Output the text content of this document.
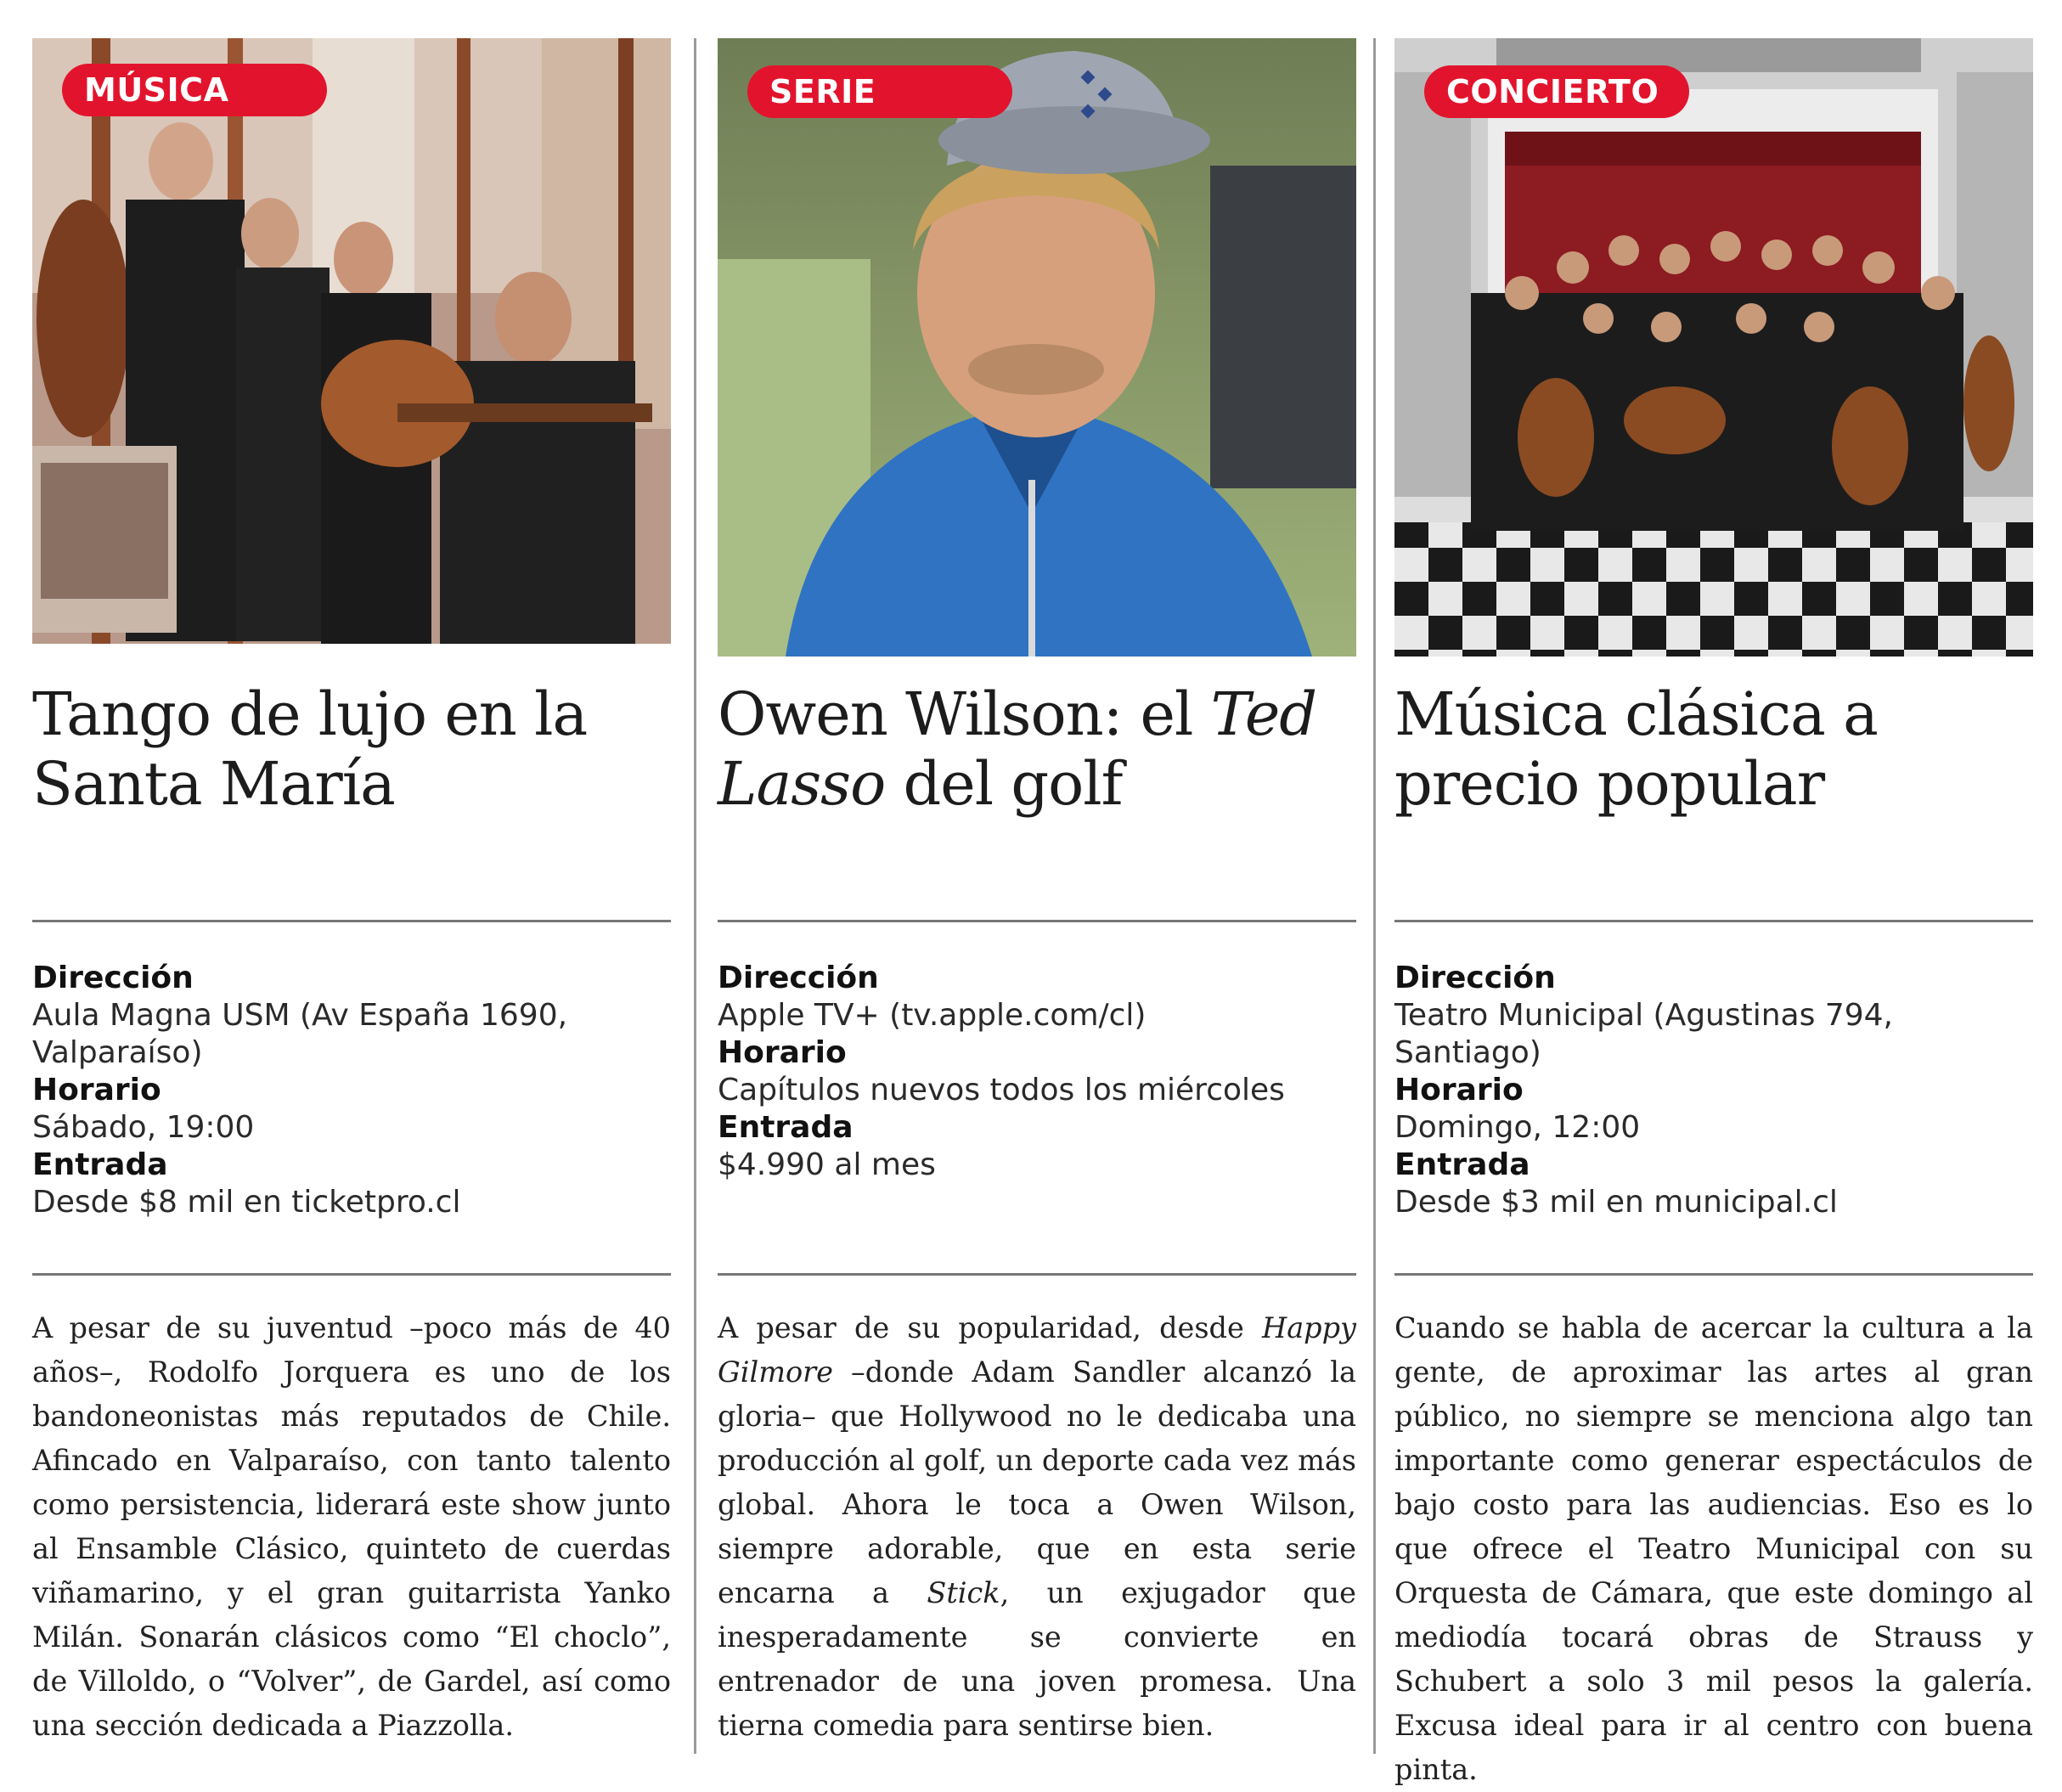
MÚSICA
Tango de lujo en la
Santa María
Dirección
Aula Magna USM (Av España 1690,
Valparaíso)
Horario
Sábado, 19:00
Entrada
Desde $8 mil en ticketpro.cl

A pesar de su juventud –poco más de 40 años–, Rodolfo Jorquera es uno de los bandoneonistas más reputados de Chile. Afincado en Valparaíso, con tanto talento como persistencia, liderará este show junto al Ensamble Clásico, quinteto de cuerdas viñamarino, y el gran guitarrista Yanko Milán. Sonarán clásicos como “El choclo”, de Villoldo, o “Volver”, de Gardel, así como una sección dedicada a Piazzolla.

SERIE
Owen Wilson: el Ted
Lasso del golf
Dirección
Apple TV+ (tv.apple.com/cl)
Horario
Capítulos nuevos todos los miércoles
Entrada
$4.990 al mes

A pesar de su popularidad, desde Happy Gilmore –donde Adam Sandler alcanzó la gloria– que Hollywood no le dedicaba una producción al golf, un deporte cada vez más global. Ahora le toca a Owen Wilson, siempre adorable, que en esta serie encarna a Stick, un exjugador que inesperadamente se convierte en entrenador de una joven promesa. Una tierna comedia para sentirse bien.

CONCIERTO
Música clásica a
precio popular
Dirección
Teatro Municipal (Agustinas 794,
Santiago)
Horario
Domingo, 12:00
Entrada
Desde $3 mil en municipal.cl

Cuando se habla de acercar la cultura a la gente, de aproximar las artes al gran público, no siempre se menciona algo tan importante como generar espectáculos de bajo costo para las audiencias. Eso es lo que ofrece el Teatro Municipal con su Orquesta de Cámara, que este domingo al mediodía tocará obras de Strauss y Schubert a solo 3 mil pesos la galería. Excusa ideal para ir al centro con buena pinta.
